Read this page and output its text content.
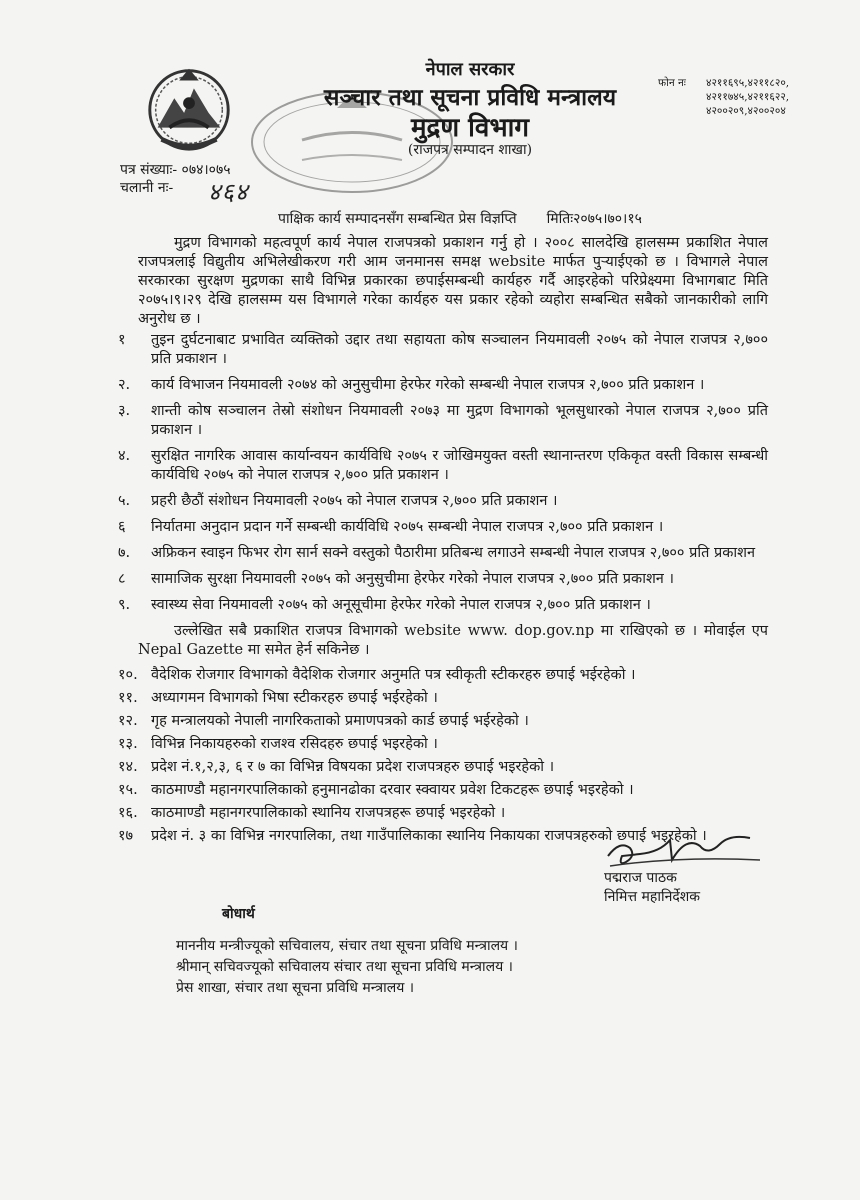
नेपाल सरकार
सञ्चार तथा सूचना प्रविधि मन्त्रालय
मुद्रण विभाग
(राजपत्र सम्पादन शाखा)
फोन नः ४२११६९५,४२११८२०,
४२११७४५,४२११६२२,
४२००२०९,४२००२०४
पत्र संख्याः- ०७४।०७५
चलानी नः- ४६४
पाक्षिक कार्य सम्पादनसँग सम्बन्धित प्रेस विज्ञप्ति मितिः२०७५।७०।१५

मुद्रण विभागको महत्वपूर्ण कार्य नेपाल राजपत्रको प्रकाशन गर्नु हो । २००८ सालदेखि हालसम्म प्रकाशित नेपाल राजपत्रलाई विद्युतीय अभिलेखीकरण गरी आम जनमानस समक्ष website मार्फत पुऱ्याईएको छ । विभागले नेपाल सरकारका सुरक्षण मुद्रणका साथै विभिन्न प्रकारका छपाईसम्बन्धी कार्यहरु गर्दै आइरहेको परिप्रेक्ष्यमा विभागबाट मिति २०७५।९।२९ देखि हालसम्म यस विभागले गरेका कार्यहरु यस प्रकार रहेको व्यहोरा सम्बन्धित सबैको जानकारीको लागि अनुरोध छ ।

१ तुइन दुर्घटनाबाट प्रभावित व्यक्तिको उद्दार तथा सहायता कोष सञ्चालन नियमावली २०७५ को नेपाल राजपत्र २,७०० प्रति प्रकाशन ।
२. कार्य विभाजन नियमावली २०७४ को अनुसुचीमा हेरफेर गरेको सम्बन्धी नेपाल राजपत्र २,७०० प्रति प्रकाशन ।
३. शान्ती कोष सञ्चालन तेस्रो संशोधन नियमावली २०७३ मा मुद्रण विभागको भूलसुधारको नेपाल राजपत्र २,७०० प्रति प्रकाशन ।
४. सुरक्षित नागरिक आवास कार्यान्वयन कार्यविधि २०७५ र जोखिमयुक्त वस्ती स्थानान्तरण एकिकृत वस्ती विकास सम्बन्धी कार्यविधि २०७५ को नेपाल राजपत्र २,७०० प्रति प्रकाशन ।
५. प्रहरी छैठौं संशोधन नियमावली २०७५ को नेपाल राजपत्र २,७०० प्रति प्रकाशन ।
६ निर्यातमा अनुदान प्रदान गर्ने सम्बन्धी कार्यविधि २०७५ सम्बन्धी नेपाल राजपत्र २,७०० प्रति प्रकाशन ।
७. अफ्रिकन स्वाइन फिभर रोग सार्न सक्ने वस्तुको पैठारीमा प्रतिबन्ध लगाउने सम्बन्धी नेपाल राजपत्र २,७०० प्रति प्रकाशन
८ सामाजिक सुरक्षा नियमावली २०७५ को अनुसुचीमा हेरफेर गरेको नेपाल राजपत्र २,७०० प्रति प्रकाशन ।
९. स्वास्थ्य सेवा नियमावली २०७५ को अनूसूचीमा हेरफेर गरेको नेपाल राजपत्र २,७०० प्रति प्रकाशन ।

उल्लेखित सबै प्रकाशित राजपत्र विभागको website www. dop.gov.np मा राखिएको छ । मोवाईल एप Nepal Gazette मा समेत हेर्न सकिनेछ ।

१०. वैदेशिक रोजगार विभागको वैदेशिक रोजगार अनुमति पत्र स्वीकृती स्टीकरहरु छपाई भईरहेको ।
११. अध्यागमन विभागको भिषा स्टीकरहरु छपाई भईरहेको ।
१२. गृह मन्त्रालयको नेपाली नागरिकताको प्रमाणपत्रको कार्ड छपाई भईरहेको ।
१३. विभिन्न निकायहरुको राजश्व रसिदहरु छपाई भइरहेको ।
१४. प्रदेश नं.१,२,३, ६ र ७ का विभिन्न विषयका प्रदेश राजपत्रहरु छपाई भइरहेको ।
१५. काठमाण्डौ महानगरपालिकाको हनुमानढोका दरवार स्क्वायर प्रवेश टिकटहरू छपाई भइरहेको ।
१६. काठमाण्डौ महानगरपालिकाको स्थानिय राजपत्रहरू छपाई भइरहेको ।
१७ प्रदेश नं. ३ का विभिन्न नगरपालिका, तथा गाउँपालिकाका स्थानिय निकायका राजपत्रहरुको छपाई भइरहेको ।
पद्मराज पाठक
निमित्त महानिर्देशक
बोधार्थ
माननीय मन्त्रीज्यूको सचिवालय, संचार तथा सूचना प्रविधि मन्त्रालय ।
श्रीमान् सचिवज्यूको सचिवालय संचार तथा सूचना प्रविधि मन्त्रालय ।
प्रेस शाखा, संचार तथा सूचना प्रविधि मन्त्रालय ।
